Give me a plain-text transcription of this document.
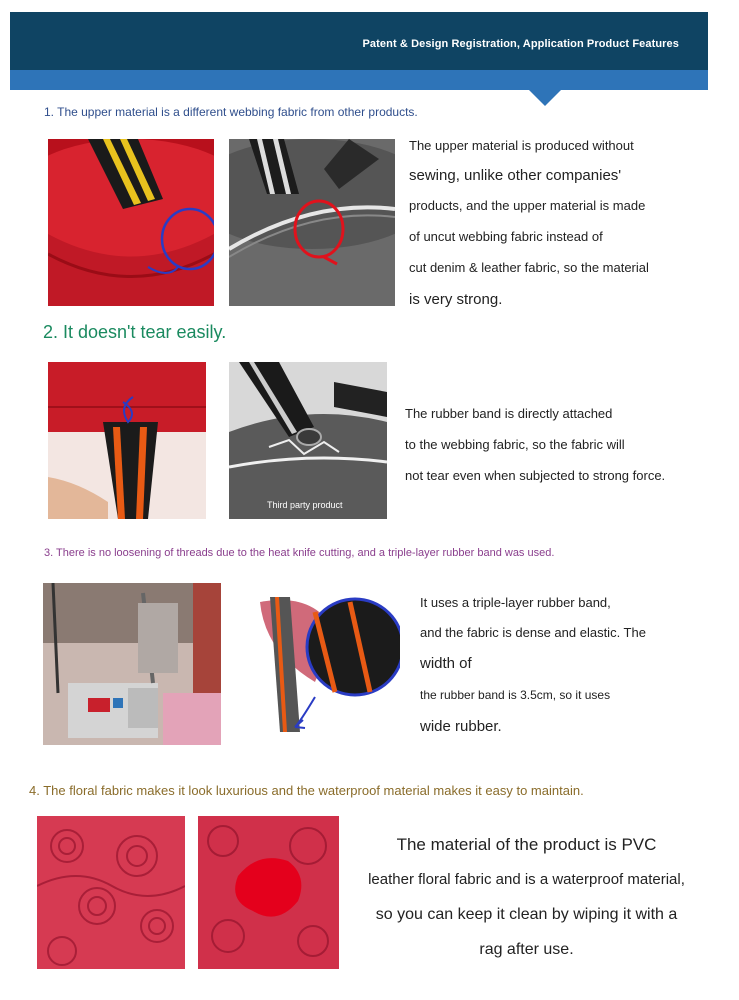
Patent & Design Registration, Application Product Features
1. The upper material is a different webbing fabric from other products.
The upper material is produced without
sewing, unlike other companies'
products, and the upper material is made
of uncut webbing fabric instead of
cut denim & leather fabric, so the material
is very strong.
2. It doesn't tear easily.
Third party product
The rubber band is directly attached
to the webbing fabric, so the fabric will
not tear even when subjected to strong force.
3. There is no loosening of threads due to the heat knife cutting, and a triple-layer rubber band was used.
It uses a triple-layer rubber band,
and the fabric is dense and elastic. The
width of
the rubber band is 3.5cm, so it uses
wide rubber.
4. The floral fabric makes it look luxurious and the waterproof material makes it easy to maintain.
The material of the product is PVC
leather floral fabric and is a waterproof material,
so you can keep it clean by wiping it with a
rag after use.
